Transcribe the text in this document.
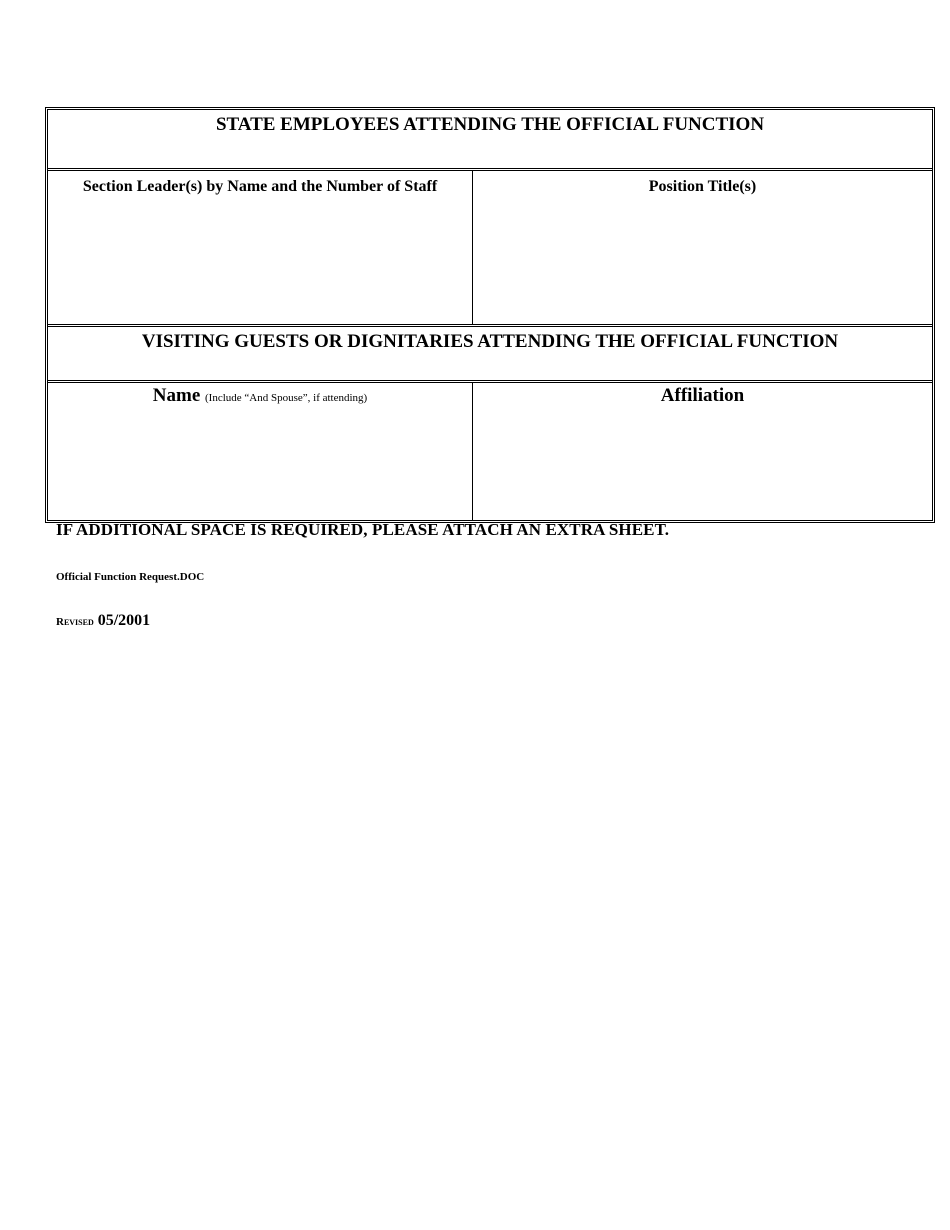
STATE EMPLOYEES ATTENDING THE OFFICIAL FUNCTION
Section Leader(s) by Name and the Number of Staff	Position Title(s)
VISITING GUESTS OR DIGNITARIES ATTENDING THE OFFICIAL FUNCTION
Name (Include “And Spouse”, if attending)	Affiliation
IF ADDITIONAL SPACE IS REQUIRED, PLEASE ATTACH AN EXTRA SHEET.
Official Function Request.DOC
Revised 05/2001
